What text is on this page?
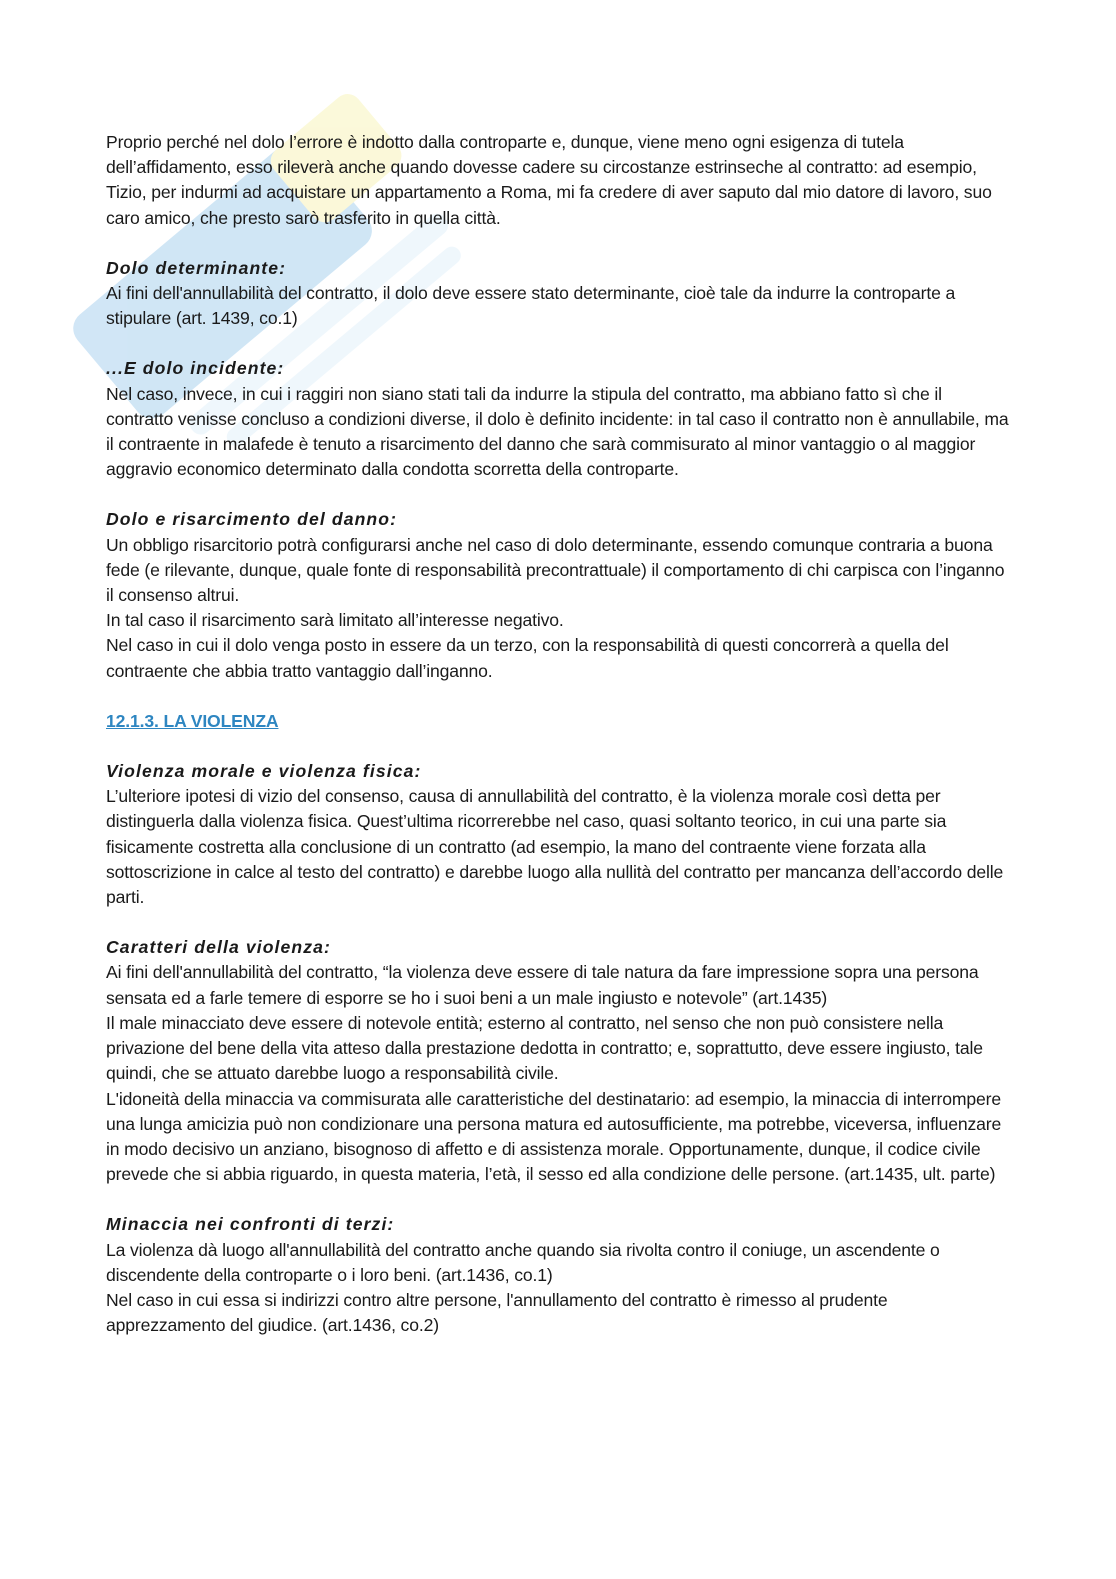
Proprio perché nel dolo l’errore è indotto dalla controparte e, dunque, viene meno ogni esigenza di tutela dell’affidamento, esso rileverà anche quando dovesse cadere su circostanze estrinseche al contratto: ad esempio, Tizio, per indurmi ad acquistare un appartamento a Roma, mi fa credere di aver saputo dal mio datore di lavoro, suo caro amico, che presto sarò trasferito in quella città.

Dolo determinante:

Ai fini dell'annullabilità del contratto, il dolo deve essere stato determinante, cioè tale da indurre la controparte a stipulare (art. 1439, co.1)

...E dolo incidente:

Nel caso, invece, in cui i raggiri non siano stati tali da indurre la stipula del contratto, ma abbiano fatto sì che il contratto venisse concluso a condizioni diverse, il dolo è definito incidente: in tal caso il contratto non è annullabile, ma il contraente in malafede è tenuto a risarcimento del danno che sarà commisurato al minor vantaggio o al maggior aggravio economico determinato dalla condotta scorretta della controparte.

Dolo e risarcimento del danno:

Un obbligo risarcitorio potrà configurarsi anche nel caso di dolo determinante, essendo comunque contraria a buona fede (e rilevante, dunque, quale fonte di responsabilità precontrattuale) il comportamento di chi carpisca con l’inganno il consenso altrui.

In tal caso il risarcimento sarà limitato all’interesse negativo.

Nel caso in cui il dolo venga posto in essere da un terzo, con la responsabilità di questi concorrerà a quella del contraente che abbia tratto vantaggio dall’inganno.

12.1.3. LA VIOLENZA

Violenza morale e violenza fisica:

L’ulteriore ipotesi di vizio del consenso, causa di annullabilità del contratto, è la violenza morale così detta per distinguerla dalla violenza fisica. Quest’ultima ricorrerebbe nel caso, quasi soltanto teorico, in cui una parte sia fisicamente costretta alla conclusione di un contratto (ad esempio, la mano del contraente viene forzata alla sottoscrizione in calce al testo del contratto) e darebbe luogo alla nullità del contratto per mancanza dell’accordo delle parti.

Caratteri della violenza:

Ai fini dell'annullabilità del contratto, “la violenza deve essere di tale natura da fare impressione sopra una persona sensata ed a farle temere di esporre se ho i suoi beni a un male ingiusto e notevole” (art.1435)

Il male minacciato deve essere di notevole entità; esterno al contratto, nel senso che non può consistere nella privazione del bene della vita atteso dalla prestazione dedotta in contratto; e, soprattutto, deve essere ingiusto, tale quindi, che se attuato darebbe luogo a responsabilità civile.

L'idoneità della minaccia va commisurata alle caratteristiche del destinatario: ad esempio, la minaccia di interrompere una lunga amicizia può non condizionare una persona matura ed autosufficiente, ma potrebbe, viceversa, influenzare in modo decisivo un anziano, bisognoso di affetto e di assistenza morale. Opportunamente, dunque, il codice civile prevede che si abbia riguardo, in questa materia, l’età, il sesso ed alla condizione delle persone. (art.1435, ult. parte)

Minaccia nei confronti di terzi:

La violenza dà luogo all'annullabilità del contratto anche quando sia rivolta contro il coniuge, un ascendente o discendente della controparte o i loro beni. (art.1436, co.1)

Nel caso in cui essa si indirizzi contro altre persone, l'annullamento del contratto è rimesso al prudente apprezzamento del giudice. (art.1436, co.2)
